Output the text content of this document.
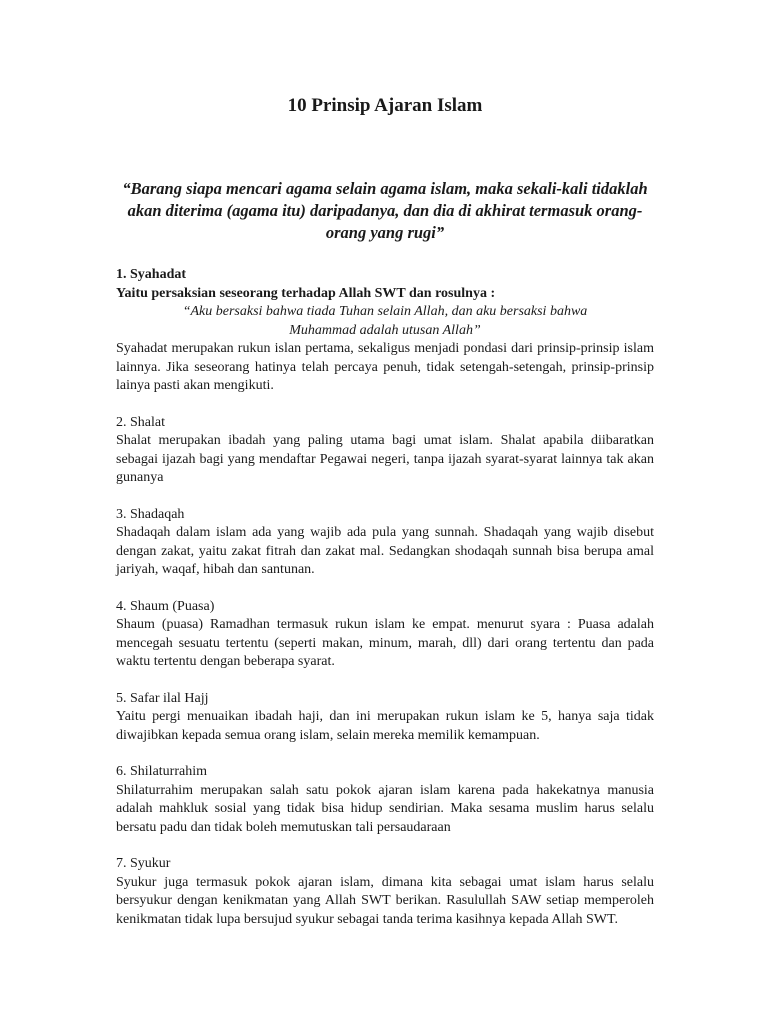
10 Prinsip Ajaran Islam

“Barang siapa mencari agama selain agama islam, maka sekali-kali tidaklah akan diterima (agama itu) daripadanya, dan dia di akhirat termasuk orang-orang yang rugi”

1. Syahadat

Yaitu persaksian seseorang terhadap Allah SWT dan rosulnya :

“Aku bersaksi bahwa tiada Tuhan selain Allah, dan aku bersaksi bahwa Muhammad adalah utusan Allah”

Syahadat merupakan rukun islan pertama, sekaligus menjadi pondasi dari prinsip-prinsip islam lainnya. Jika seseorang hatinya telah percaya penuh, tidak setengah-setengah, prinsip-prinsip lainya pasti akan mengikuti.

2. Shalat

Shalat merupakan ibadah yang paling utama bagi umat islam. Shalat apabila diibaratkan sebagai ijazah bagi yang mendaftar Pegawai negeri, tanpa ijazah syarat-syarat lainnya tak akan gunanya

3. Shadaqah

Shadaqah dalam islam ada yang wajib ada pula yang sunnah. Shadaqah yang wajib disebut dengan zakat, yaitu zakat fitrah dan zakat mal. Sedangkan shodaqah sunnah bisa berupa amal jariyah, waqaf, hibah dan santunan.

4. Shaum (Puasa)

Shaum (puasa) Ramadhan termasuk rukun islam ke empat. menurut syara : Puasa adalah mencegah sesuatu tertentu (seperti makan, minum, marah, dll) dari orang tertentu dan pada waktu tertentu dengan beberapa syarat.

5. Safar ilal Hajj

Yaitu pergi menuaikan ibadah haji, dan ini merupakan rukun islam ke 5, hanya saja tidak diwajibkan kepada semua orang islam, selain mereka memilik kemampuan.

6. Shilaturrahim

Shilaturrahim merupakan salah satu pokok ajaran islam karena pada hakekatnya manusia adalah mahkluk sosial yang tidak bisa hidup sendirian. Maka sesama muslim harus selalu bersatu padu dan tidak boleh memutuskan tali persaudaraan

7. Syukur

Syukur juga termasuk pokok ajaran islam, dimana kita sebagai umat islam harus selalu bersyukur dengan kenikmatan yang Allah SWT berikan. Rasulullah SAW setiap memperoleh kenikmatan tidak lupa bersujud syukur sebagai tanda terima kasihnya kepada Allah SWT.
